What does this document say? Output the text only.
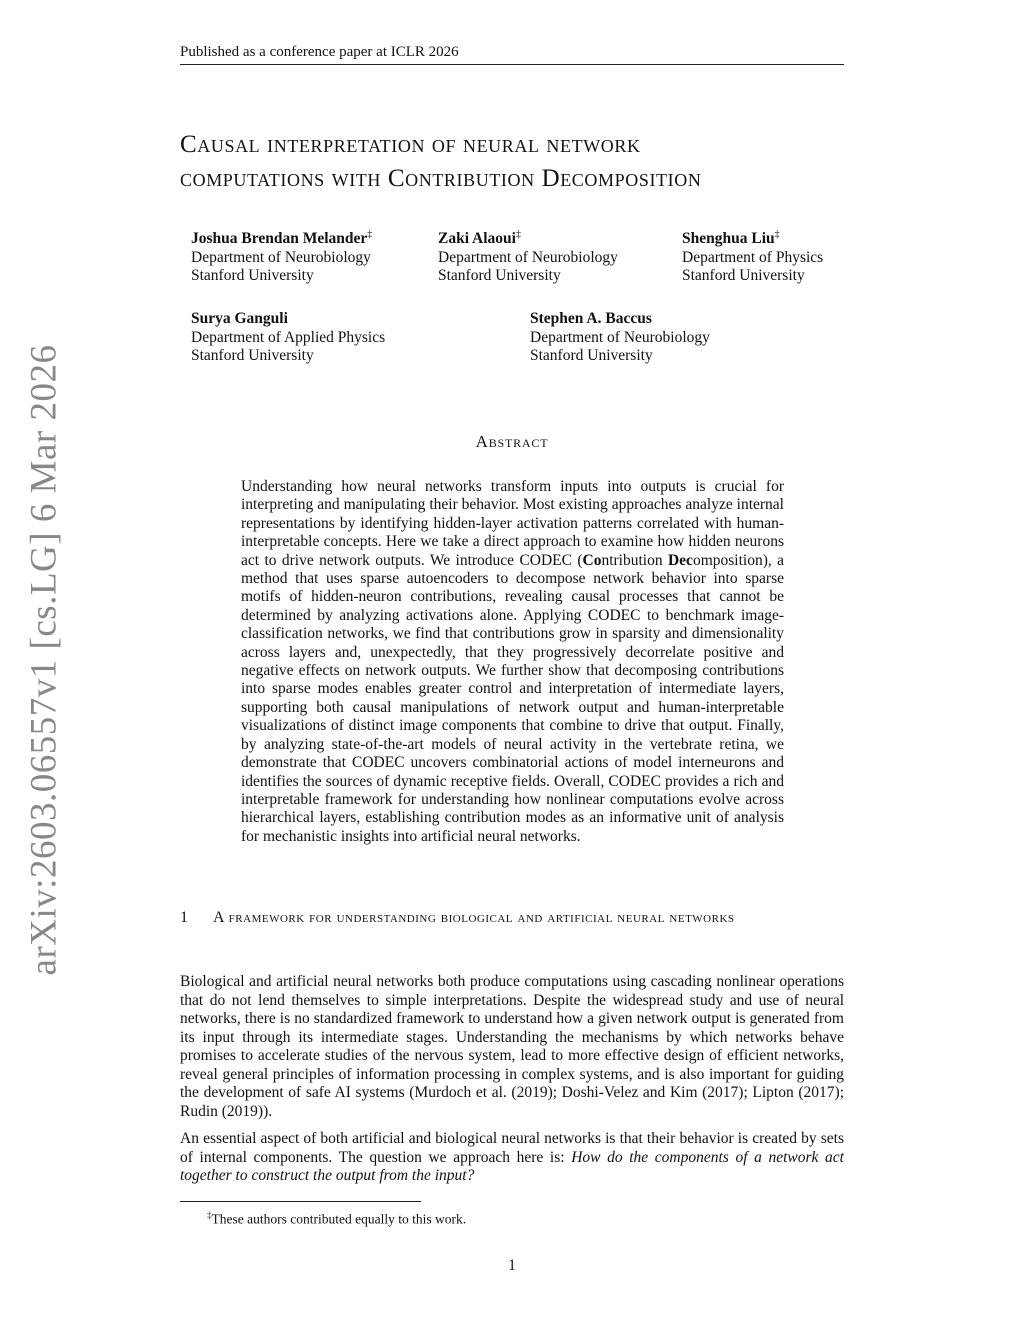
Published as a conference paper at ICLR 2026
arXiv:2603.06557v1 [cs.LG] 6 Mar 2026
Causal interpretation of neural network
computations with Contribution Decomposition
Joshua Brendan Melander‡
Department of Neurobiology
Stanford University
Zaki Alaoui‡
Department of Neurobiology
Stanford University
Shenghua Liu‡
Department of Physics
Stanford University
Surya Ganguli
Department of Applied Physics
Stanford University
Stephen A. Baccus
Department of Neurobiology
Stanford University
Abstract
Understanding how neural networks transform inputs into outputs is crucial for interpreting and manipulating their behavior. Most existing approaches analyze internal representations by identifying hidden-layer activation patterns correlated with human-interpretable concepts. Here we take a direct approach to examine how hidden neurons act to drive network outputs. We introduce CODEC (Contribution Decomposition), a method that uses sparse autoencoders to decompose network behavior into sparse motifs of hidden-neuron contributions, revealing causal processes that cannot be determined by analyzing activations alone. Applying CODEC to benchmark image-classification networks, we find that contributions grow in sparsity and dimensionality across layers and, unexpectedly, that they progressively decorrelate positive and negative effects on network outputs. We further show that decomposing contributions into sparse modes enables greater control and interpretation of intermediate layers, supporting both causal manipulations of network output and human-interpretable visualizations of distinct image components that combine to drive that output. Finally, by analyzing state-of-the-art models of neural activity in the vertebrate retina, we demonstrate that CODEC uncovers combinatorial actions of model interneurons and identifies the sources of dynamic receptive fields. Overall, CODEC provides a rich and interpretable framework for understanding how nonlinear computations evolve across hierarchical layers, establishing contribution modes as an informative unit of analysis for mechanistic insights into artificial neural networks.
1 A framework for understanding biological and artificial neural networks
Biological and artificial neural networks both produce computations using cascading nonlinear operations that do not lend themselves to simple interpretations. Despite the widespread study and use of neural networks, there is no standardized framework to understand how a given network output is generated from its input through its intermediate stages. Understanding the mechanisms by which networks behave promises to accelerate studies of the nervous system, lead to more effective design of efficient networks, reveal general principles of information processing in complex systems, and is also important for guiding the development of safe AI systems (Murdoch et al. (2019); Doshi-Velez and Kim (2017); Lipton (2017); Rudin (2019)).
An essential aspect of both artificial and biological neural networks is that their behavior is created by sets of internal components. The question we approach here is: How do the components of a network act together to construct the output from the input?
‡These authors contributed equally to this work.
1
